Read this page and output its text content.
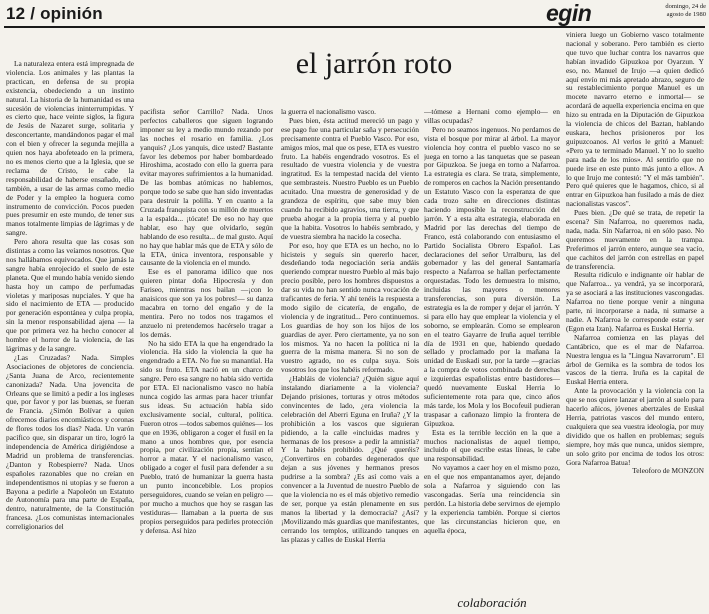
12 / opinión	egin	domingo, 24 de
agosto de 1980
el jarrón roto

La naturaleza entera está impregnada de violencia. Los animales y las plantas la practican, en defensa de su propia existencia, obedeciendo a un instinto natural. La historia de la humanidad es una sucesión de violencias ininterrumpidas. Y es cierto que, hace veinte siglos, la figura de Jesús de Nazaret surge, solitaria y desconcertante, mandándonos pagar el mal con el bien y ofrecer la segunda mejilla a quien nos haya abofeteado en la primera, no es menos cierto que a la Iglesia, que se reclama de Cristo, le cabe la responsabilidad de haberse ensañado, ella también, a usar de las armas como medio de Poder y la empleo la hoguera como instrumento de convicción. Pocos pueden pues presumir en este mundo, de tener sus manos totalmente limpias de lágrimas y de sangre.

Pero ahora resulta que las cosas son distintas a como las veíamos nosotros. Que nos hallábamos equivocados. Que jamás la sangre había enrojecido el suelo de este planeta. Que el mundo había venido siendo hasta hoy un campo de perfumadas violetas y mariposas nupciales. Y que ha sido el nacimiento de ETA — producido por generación espontánea y culpa propia, sin la menor responsabilidad ajena — la que por primera vez ha hecho conocer al hombre el horror de la violencia, de las lágrimas y de la sangre.

¿Las Cruzadas? Nada. Simples Asociaciones de objetores de conciencia. ¿Santa Juana de Arco, recientemente canonizada? Nada. Una jovencita de Orleans que se limitó a pedir a los ingleses que, por favor y por las buenas, se fueran de Francia. ¿Simón Bolívar a quien ofrecemos diarios encomiásticos y coronas de flores todos los días? Nada. Un varón pacífico que, sin disparar un tiro, logró la independencia de América dirigiéndose a Madrid un problema de transferencias. ¿Danton y Robespierre? Nada. Unos españoles razonables que no creían en independentismos ni utopías y se fueron a Bayona a pedirle a Napoleón un Estatuto de Autonomía para una parte de España, dentro, naturalmente, de la Constitución francesa. ¿Los comunistas internacionales correligionarios del

pacifista señor Carrillo? Nada. Unos perfectos caballeros que siguen logrando imponer su ley a medio mundo rezando por las noches el rosario en familia. ¿Los yanquis? ¿Los yanquis, dice usted? Bastante favor les debemos por haber bombardeado Hiroshima, acostado con ello la guerra para evitar mayores sufrimientos a la humanidad. De las bombas atómicas no hablemos, porque todo se sabe que han sido inventadas para destruir la polilla. Y en cuanto a la Cruzada franquista con su millón de muertos a la espalda... ¡tócate! De eso no hay que hablar, eso hay que olvidarlo, según hablando de eso resulta... de mal gusto. Aquí no hay que hablar más que de ETA y sólo de la ETA, única inventora, responsable y causante de la violencia en el mundo.

Ese es el panorama idílico que nos quieren pintar doña Hipocresía y don Fariseo, mientras nos bailan —¡con lo anaisicos que son ya los pobres!— su danza macabra en torno del engaño y de la mentira. Pero no todos nos tragamos el anzuelo ni pretendemos hacérselo tragar a los demás.

No ha sido ETA la que ha engendrado la violencia. Ha sido la violencia la que ha engendrado a ETA. No fue su manantial. Ha sido su fruto. ETA nació en un charco de sangre. Pero esa sangre no había sido vertida por ETA. El nacionalismo vasco no había nunca cogido las armas para hacer triunfar sus ideas. Su actuación había sido exclusivamente social, cultural, política. Fueron otros —todos sabemos quiénes— los que en 1936, obligaron a coger el fusil en la mano a unos hombres que, por esencia propia, por civilización propia, sentían el horror a matar. Y el nacionalismo vasco, obligado a coger el fusil para defender a su Pueblo, trató de humanizar la guerra hasta un punto inconcebible. Los propios perseguidores, cuando se veían en peligro —por mucho a muchos que hoy se rasgan las vestiduras— llamaban a la puerta de sus propios perseguidos para pedirles protección y defensa. Así hizo

la guerra el nacionalismo vasco.

Pues bien, ésta actitud mereció un pago y ese pago fue una particular saña y persecución precisamente contra el Pueblo Vasco. Por eso, amigos míos, mal que os pese, ETA es vuestro fruto. La habéis engendrado vosotros. Es el resultado de vuestra violencia y de vuestra ingratitud. Es la tempestad nacida del viento que sembrasteis. Nuestro Pueblo es un Pueblo acuitado. Una muestra de generosidad y de grandeza de espíritu, que sabe muy bien cuando ha recibido agravios, una tierra, y que prueba ahogar a la propia tierra y al pueblo que la habita. Vosotros lo habéis sembrado, y de vuestra siembra ha nacido la cosecha.

Por eso, hoy que ETA es un hecho, no lo hicisteis y seguís sin quererlo hacer, desdeñando toda negociación seria andáis queriendo comprar nuestro Pueblo al más bajo precio posible, pero los hombres dispuestos a dar su vida no han sentido nunca vocación de traficantes de feria. Y ahí tenéis la respuesta a modo sigilo de cicatería, de engaño, de violencia y de ingratitud... Pero continuemos. Los guardias de hoy son los hijos de los guardias de ayer. Pero ciertamente, ya no son los mismos. Ya no hacen la política ni la guerra de la misma manera. Si no son de vuestro agrado, no es culpa suya. Sois vosotros los que los habéis reformado.

¿Habláis de violencia? ¿Quién sigue aquí instalando diariamente a la violencia? Dejando prisiones, torturas y otros métodos convincentes de lado, ¿era violencia la celebración del Aberri Eguna en Iruña? ¿Y la prohibición a los vascos que siguieran pidiendo, a la calle «incluidas madres y hermanas de los presos» a pedir la amnistía? Y la habéis prohibido. ¿Qué queréis? ¿Convertiros en cobardes degenerados que dejan a sus jóvenes y hermanos presos pudrirse a la sombra? ¿Es así como vais a convencer a la Juventud de nuestro Pueblo de que la violencia no es el más objetivo remedio de ser, porque ya están plenamente en sus manos la libertad y la democracia? ¿Así? ¡Movilizando más guardias que manifestantes, cerrando los templos, utilizando tanques en las plazas y calles de Euskal Herria

—tómese a Hernani como ejemplo— en villas ocupadas?

Pero no seamos ingenuos. No perdamos de vista el bosque por mirar al árbol. La mayor violencia hoy contra el pueblo vasco no se juega en torno a las tanquetas que se pasean por Gipuzkoa. Se juega en torno a Nafarroa. La estrategia es clara. Se trata, simplemente, de romperos en cachos la Nación presentando un Estatuto Vasco con la esperanza de que cada trozo salte en direcciones distintas haciendo imposible la reconstrucción del jarrón. Y a esta alta estrategia, elaborada en Madrid por las derechas del tiempo de Franco, está colaborando con entusiasmo el Partido Socialista Obrero Español. Las declaraciones del señor Urralburu, las del gobernador y las del general Santamaría respecto a Nafarroa se hallan perfectamente orquestadas. Todo les demuestra lo mismo, incluidas las mayores o menores transferencias, son pura diversión. La estrategia es la de romper y dejar el jarrón. Y si para ello hay que emplear la violencia y el soborno, se emplearán. Como se emplearon en el teatro Gayarre de Iruña aquel terrible día de 1931 en que, habiendo quedado sellado y proclamado por la mañana la unidad de Euskadi sur, por la tarde —gracias a la compra de votos combinada de derechas e izquierdas españolistas entre bastidores— quedó nuevamente Euskal Herria lo suficientemente rota para que, cinco años más tarde, los Mola y los Bocofeuil pudieran traspasar a cañonazo limpio la frontera de Gipuzkoa.

Esta es la terrible lección en la que a muchos nacionalistas de aquel tiempo, incluido el que escribe estas líneas, le cabe una responsabilidad.

No vayamos a caer hoy en el mismo pozo, en el que nos empantanamos ayer, dejando sola a Nafarroa y siguiendo con las vascongadas. Sería una reincidencia sin perdón. La historia debe servirnos de ejemplo y la experiencia también. Porque si ciertos que las circunstancias hicieron que, en aquella época,

colaboración

viniera luego un Gobierno vasco totalmente nacional y soberano. Pero también es cierto que tuvo que luchar contra los navarros que habían invadido Gipuzkoa por Oyarzun. Y eso, no. Manuel de Irujo —a quien dedicó aquí envío mi más apretado abrazo, seguro de su restablecimiento porque Manuel es un mocete navarro eterno e inmortal— se acordará de aquella experiencia encima en que hizo su entrada en la Diputación de Gipuzkoa la violencia de chicos del Baztan, hablando euskara, hechos prisioneros por los guipuzcoanos. Al verlos le gritó a Manuel: «Pero ya te terminado Manuel. Y no lo suelto para nada de los míos». Al sentirlo que no puede irse en este punto más junto a ello». A lo que Irujo me contestó: "Y el más también". Pero qué quieres que le hagamos, chico, si al entrar en Gipuzkoa han fusilado a más de diez nacionalistas vascos".

Pues bien. ¿De qué se trata, de repetir la escena? Sin Nafarroa, no queremos nada, nada, nada. Sin Nafarroa, ni en sólo paso. No queremos nuevamente en la trampa. Preferimos el jarrón entero, aunque sea vacío, que cachitos del jarrón con estrellas en papel de transferencia.

Resulta ridículo e indignante oír hablar de que Nafarroa... ya vendrá, ya se incorporará, ya se asociará a las instituciones vascongadas. Nafarroa no tiene porque venir a ninguna parte, ni incorporarse a nada, ni sumarse a nadie. A Nafarroa le corresponde estar y ser (Egon eta Izan). Nafarroa es Euskal Herria.

Nafarroa comienza en las playas del Cantábrico, que es el mar de Nafarroa. Nuestra lengua es la "Lingua Navarrorum". El árbol de Gernika es la sombra de todos los vascos de la tierra. Iruña es la capital de Euskal Herria entera.

Ante la provocación y la violencia con la que se nos quiere lanzar el jarrón al suelo para hacerlo añicos, jóvenes abertzales de Euskal Herria, patriotas vascos del mundo entero, cualquiera que sea vuestra ideología, por muy dividido que os hallen en problemas; seguís siempre, hoy más que nunca, unidos siempre, un solo grito por encima de todos los otros: Gora Nafarroa Batua!

Teleoforo de MONZON
